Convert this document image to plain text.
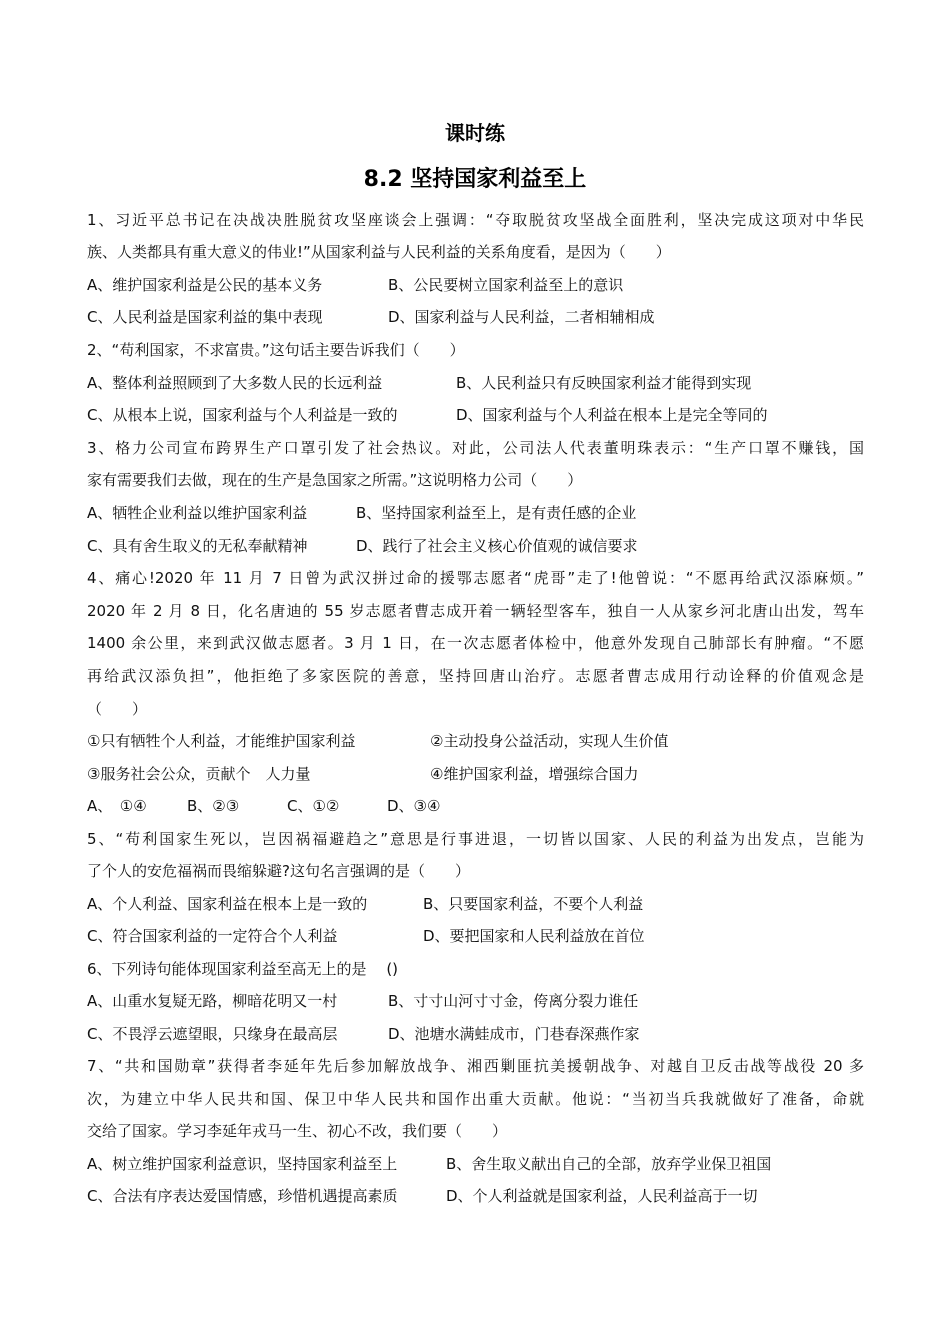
课时练
8.2 坚持国家利益至上
1、习近平总书记在决战决胜脱贫攻坚座谈会上强调：“夺取脱贫攻坚战全面胜利，坚决完成这项对中华民
族、人类都具有重大意义的伟业!”从国家利益与人民利益的关系角度看，是因为（　　）
A、维护国家利益是公民的基本义务	B、公民要树立国家利益至上的意识
C、人民利益是国家利益的集中表现	D、国家利益与人民利益，二者相辅相成
2、“苟利国家，不求富贵。”这句话主要告诉我们（　　）
A、整体利益照顾到了大多数人民的长远利益	B、人民利益只有反映国家利益才能得到实现
C、从根本上说，国家利益与个人利益是一致的	D、国家利益与个人利益在根本上是完全等同的
3、格力公司宣布跨界生产口罩引发了社会热议。对此，公司法人代表董明珠表示：“生产口罩不赚钱，国
家有需要我们去做，现在的生产是急国家之所需。”这说明格力公司（　　）
A、牺牲企业利益以维护国家利益	B、坚持国家利益至上，是有责任感的企业
C、具有舍生取义的无私奉献精神	D、践行了社会主义核心价值观的诚信要求
4、痛心!2020 年 11 月 7 日曾为武汉拼过命的援鄂志愿者“虎哥”走了!他曾说：“不愿再给武汉添麻烦。”
2020 年 2 月 8 日，化名唐迪的 55 岁志愿者曹志成开着一辆轻型客车，独自一人从家乡河北唐山出发，驾车
1400 余公里，来到武汉做志愿者。3 月 1 日，在一次志愿者体检中，他意外发现自己肺部长有肿瘤。“不愿
再给武汉添负担”，他拒绝了多家医院的善意，坚持回唐山治疗。志愿者曹志成用行动诠释的价值观念是
（　　）
①只有牺牲个人利益，才能维护国家利益	②主动投身公益活动，实现人生价值
③服务社会公众，贡献个　人力量	④维护国家利益，增强综合国力
A、　①④	B、②③	C、①②	D、③④
5、“苟利国家生死以，岂因祸福避趋之”意思是行事进退，一切皆以国家、人民的利益为出发点，岂能为
了个人的安危福祸而畏缩躲避?这句名言强调的是（　　）
A、个人利益、国家利益在根本上是一致的	B、只要国家利益，不要个人利益
C、符合国家利益的一定符合个人利益	D、要把国家和人民利益放在首位
6、下列诗句能体现国家利益至高无上的是　 ()
A、山重水复疑无路，柳暗花明又一村	B、寸寸山河寸寸金，侉离分裂力谁任
C、不畏浮云遮望眼，只缘身在最高层	D、池塘水满蛙成市，门巷春深燕作家
7、“共和国勋章”获得者李延年先后参加解放战争、湘西剿匪抗美援朝战争、对越自卫反击战等战役 20 多
次，为建立中华人民共和国、保卫中华人民共和国作出重大贡献。他说：“当初当兵我就做好了准备，命就
交给了国家。学习李延年戎马一生、初心不改，我们要（　　）
A、树立维护国家利益意识，坚持国家利益至上	B、舍生取义献出自己的全部，放弃学业保卫祖国
C、合法有序表达爱国情感，珍惜机遇提高素质	D、个人利益就是国家利益，人民利益高于一切
